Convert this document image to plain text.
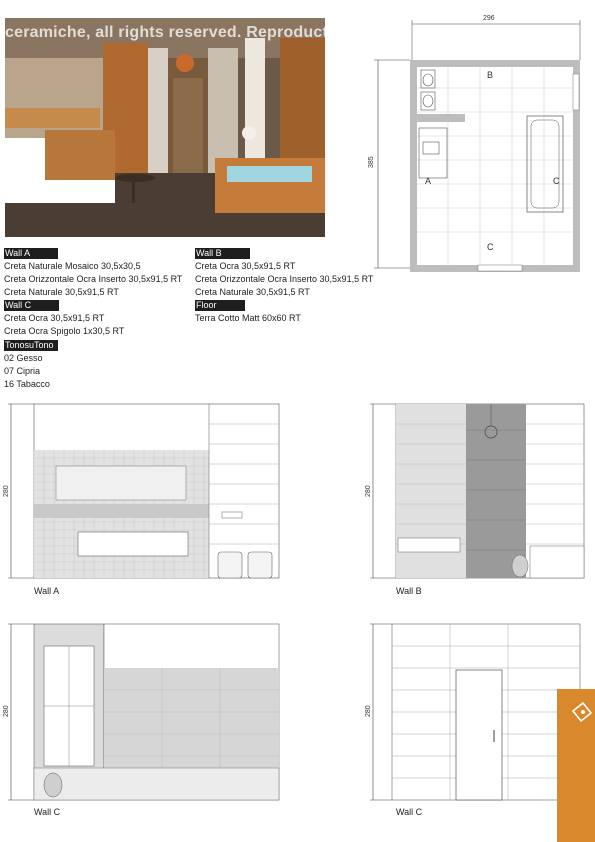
ceramiche, all rights reserved. Reproduction of this image is prohibi
296
385
B
A	C
C
Wall A
Creta Naturale Mosaico 30,5x30,5
Creta Orizzontale Ocra Inserto 30,5x91,5 RT
Creta Naturale 30,5x91,5 RT
Wall C
Creta Ocra 30,5x91,5 RT
Creta Ocra Spigolo 1x30,5 RT
TonosuTono
02 Gesso
07 Cipria
16 Tabacco
Wall B
Creta Ocra 30,5x91,5 RT
Creta Orizzontale Ocra Inserto 30,5x91,5 RT
Creta Naturale 30,5x91,5 RT
Floor
Terra Cotto Matt 60x60 RT
280
Wall A
280
Wall B
280
Wall C
280
Wall C
